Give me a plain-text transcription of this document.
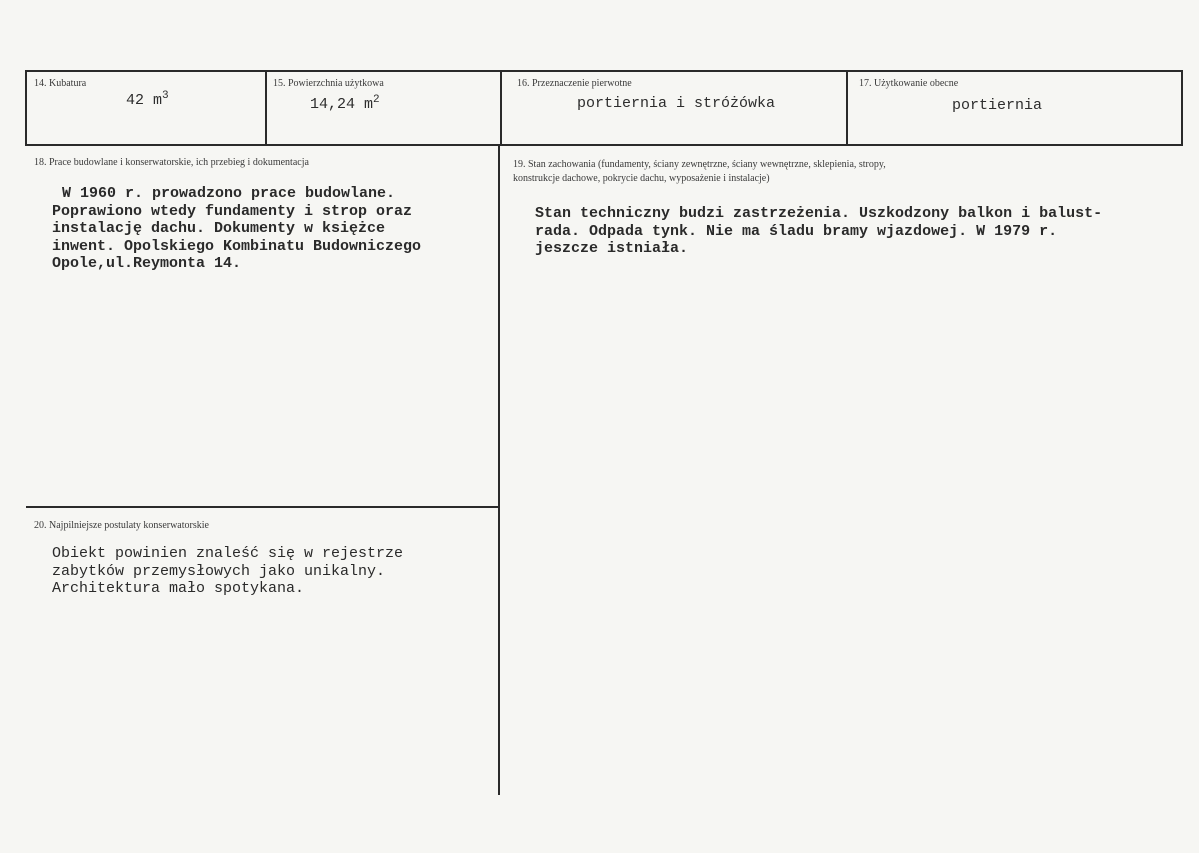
14. Kubatura
42 $m^3$
15. Powierzchnia użytkowa
14,24 $m^2$
16. Przeznaczenie pierwotne
portiernia i stróżówka
17. Użytkowanie obecne
portiernia
18. Prace budowlane i konserwatorskie, ich przebieg i dokumentacja
W 1960 r. prowadzono prace budowlane.
Poprawiono wtedy fundamenty i strop oraz
instalację dachu. Dokumenty w księżce
inwent. Opolskiego Kombinatu Budowniczego
Opole,ul.Reymonta 14.
19. Stan zachowania (fundamenty, ściany zewnętrzne, ściany wewnętrzne, sklepienia, stropy,
konstrukcje dachowe, pokrycie dachu, wyposażenie i instalacje)
Stan techniczny budzi zastrzeżenia. Uszkodzony balkon i balust-
rada. Odpada tynk. Nie ma śladu bramy wjazdowej. W 1979 r.
jeszcze istniała.
20. Najpilniejsze postulaty konserwatorskie
Obiekt powinien znaleść się w rejestrze
zabytków przemysłowych jako unikalny.
Architektura mało spotykana.
